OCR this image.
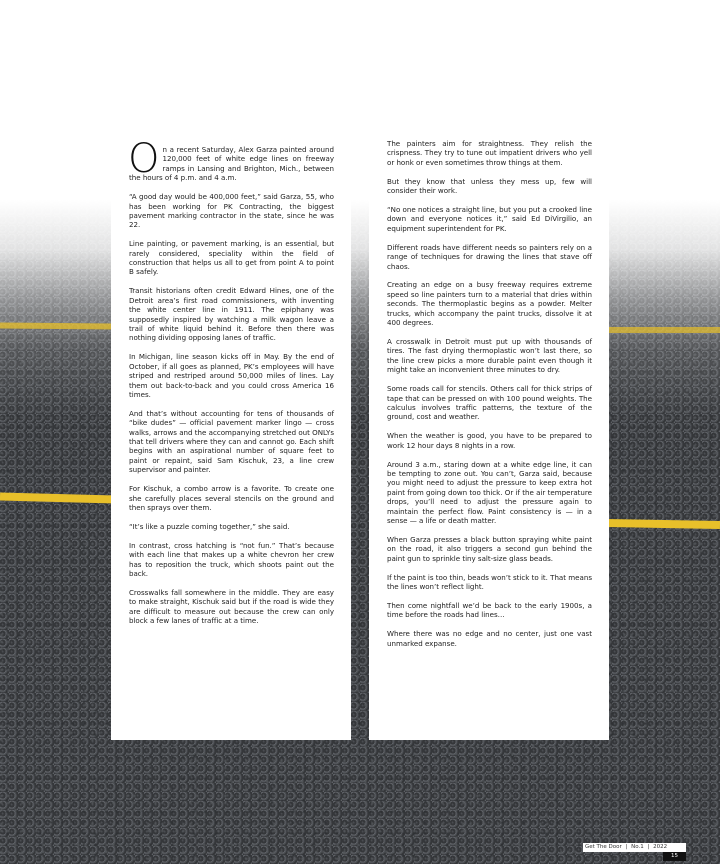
On a recent Saturday, Alex Garza painted around 120,000 feet of white edge lines on freeway ramps in Lansing and Brighton, Mich., between the hours of 4 p.m. and 4 a.m.

“A good day would be 400,000 feet,” said Garza, 55, who has been working for PK Contracting, the biggest pavement marking contractor in the state, since he was 22.

Line painting, or pavement marking, is an essential, but rarely considered, speciality within the field of construction that helps us all to get from point A to point B safely.

Transit historians often credit Edward Hines, one of the Detroit area’s first road commissioners, with inventing the white center line in 1911. The epiphany was supposedly inspired by watching a milk wagon leave a trail of white liquid behind it. Before then there was nothing dividing opposing lanes of traffic.

In Michigan, line season kicks off in May. By the end of October, if all goes as planned, PK’s employees will have striped and restriped around 50,000 miles of lines. Lay them out back-to-back and you could cross America 16 times.

And that’s without accounting for tens of thousands of “bike dudes” — official pavement marker lingo — cross walks, arrows and the accompanying stretched out ONLYs that tell drivers where they can and cannot go. Each shift begins with an aspirational number of square feet to paint or repaint, said Sam Kischuk, 23, a line crew supervisor and painter.

For Kischuk, a combo arrow is a favorite. To create one she carefully places several stencils on the ground and then sprays over them.

“It’s like a puzzle coming together,” she said.

In contrast, cross hatching is “not fun.” That’s because with each line that makes up a white chevron her crew has to reposition the truck, which shoots paint out the back.

Crosswalks fall somewhere in the middle. They are easy to make straight, Kischuk said but if the road is wide they are difficult to measure out because the crew can only block a few lanes of traffic at a time.

The painters aim for straightness. They relish the crispness. They try to tune out impatient drivers who yell or honk or even sometimes throw things at them.

But they know that unless they mess up, few will consider their work.

“No one notices a straight line, but you put a crooked line down and everyone notices it,” said Ed DiVirgilio, an equipment superintendent for PK.

Different roads have different needs so painters rely on a range of techniques for drawing the lines that stave off chaos.

Creating an edge on a busy freeway requires extreme speed so line painters turn to a material that dries within seconds. The thermoplastic begins as a powder. Melter trucks, which accompany the paint trucks, dissolve it at 400 degrees.

A crosswalk in Detroit must put up with thousands of tires. The fast drying thermoplastic won’t last there, so the line crew picks a more durable paint even though it might take an inconvenient three minutes to dry.

Some roads call for stencils. Others call for thick strips of tape that can be pressed on with 100 pound weights. The calculus involves traffic patterns, the texture of the ground, cost and weather.

When the weather is good, you have to be prepared to work 12 hour days 8 nights in a row.

Around 3 a.m., staring down at a white edge line, it can be tempting to zone out. You can’t, Garza said, because you might need to adjust the pressure to keep extra hot paint from going down too thick. Or if the air temperature drops, you’ll need to adjust the pressure again to maintain the perfect flow. Paint consistency is — in a sense — a life or death matter.

When Garza presses a black button spraying white paint on the road, it also triggers a second gun behind the paint gun to sprinkle tiny salt-size glass beads.

If the paint is too thin, beads won’t stick to it. That means the lines won’t reflect light.

Then come nightfall we’d be back to the early 1900s, a time before the roads had lines…

Where there was no edge and no center, just one vast unmarked expanse.

Get The Door | No.1 | 2022
15
